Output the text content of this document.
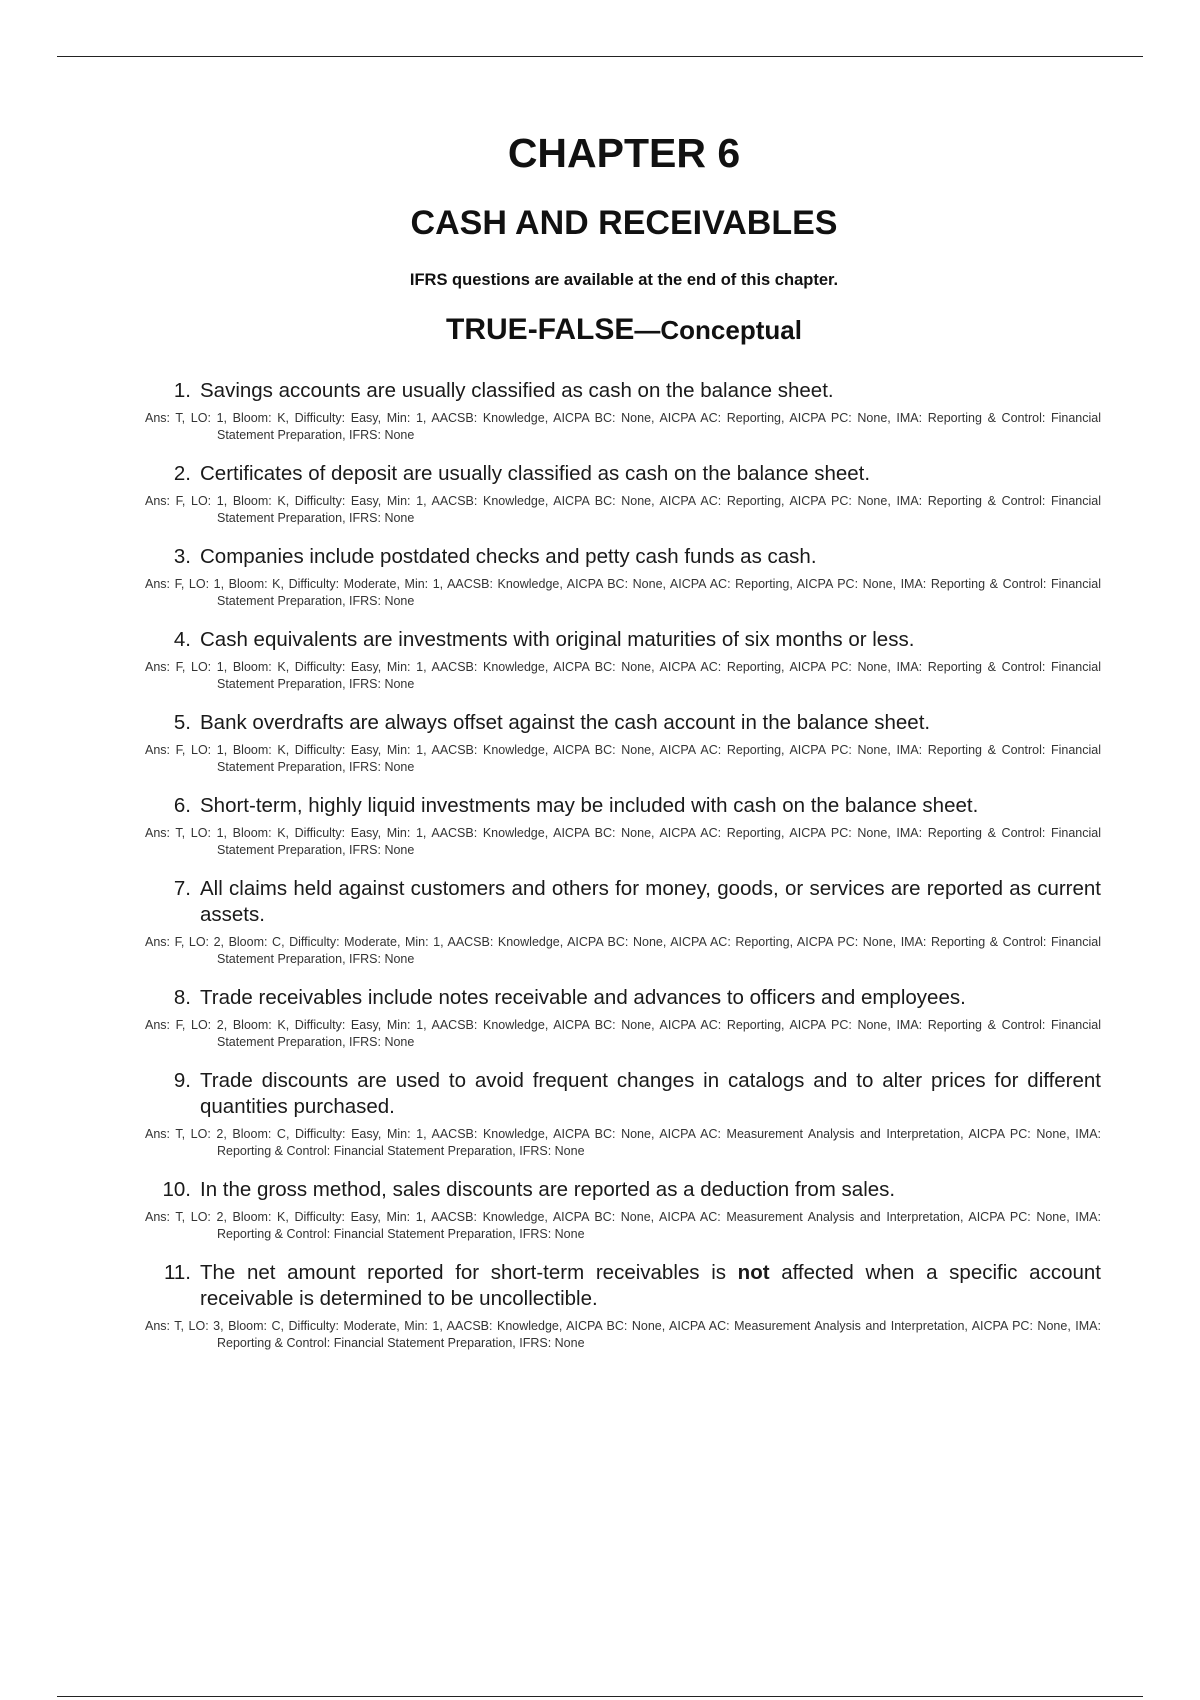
CHAPTER 6
CASH AND RECEIVABLES
IFRS questions are available at the end of this chapter.
TRUE-FALSE—Conceptual
1. Savings accounts are usually classified as cash on the balance sheet.
Ans: T, LO: 1, Bloom: K, Difficulty: Easy, Min: 1, AACSB: Knowledge, AICPA BC: None, AICPA AC: Reporting, AICPA PC: None, IMA: Reporting & Control: Financial Statement Preparation, IFRS: None
2. Certificates of deposit are usually classified as cash on the balance sheet.
Ans: F, LO: 1, Bloom: K, Difficulty: Easy, Min: 1, AACSB: Knowledge, AICPA BC: None, AICPA AC: Reporting, AICPA PC: None, IMA: Reporting & Control: Financial Statement Preparation, IFRS: None
3. Companies include postdated checks and petty cash funds as cash.
Ans: F, LO: 1, Bloom: K, Difficulty: Moderate, Min: 1, AACSB: Knowledge, AICPA BC: None, AICPA AC: Reporting, AICPA PC: None, IMA: Reporting & Control: Financial Statement Preparation, IFRS: None
4. Cash equivalents are investments with original maturities of six months or less.
Ans: F, LO: 1, Bloom: K, Difficulty: Easy, Min: 1, AACSB: Knowledge, AICPA BC: None, AICPA AC: Reporting, AICPA PC: None, IMA: Reporting & Control: Financial Statement Preparation, IFRS: None
5. Bank overdrafts are always offset against the cash account in the balance sheet.
Ans: F, LO: 1, Bloom: K, Difficulty: Easy, Min: 1, AACSB: Knowledge, AICPA BC: None, AICPA AC: Reporting, AICPA PC: None, IMA: Reporting & Control: Financial Statement Preparation, IFRS: None
6. Short-term, highly liquid investments may be included with cash on the balance sheet.
Ans: T, LO: 1, Bloom: K, Difficulty: Easy, Min: 1, AACSB: Knowledge, AICPA BC: None, AICPA AC: Reporting, AICPA PC: None, IMA: Reporting & Control: Financial Statement Preparation, IFRS: None
7. All claims held against customers and others for money, goods, or services are reported as current assets.
Ans: F, LO: 2, Bloom: C, Difficulty: Moderate, Min: 1, AACSB: Knowledge, AICPA BC: None, AICPA AC: Reporting, AICPA PC: None, IMA: Reporting & Control: Financial Statement Preparation, IFRS: None
8. Trade receivables include notes receivable and advances to officers and employees.
Ans: F, LO: 2, Bloom: K, Difficulty: Easy, Min: 1, AACSB: Knowledge, AICPA BC: None, AICPA AC: Reporting, AICPA PC: None, IMA: Reporting & Control: Financial Statement Preparation, IFRS: None
9. Trade discounts are used to avoid frequent changes in catalogs and to alter prices for different quantities purchased.
Ans: T, LO: 2, Bloom: C, Difficulty: Easy, Min: 1, AACSB: Knowledge, AICPA BC: None, AICPA AC: Measurement Analysis and Interpretation, AICPA PC: None, IMA: Reporting & Control: Financial Statement Preparation, IFRS: None
10. In the gross method, sales discounts are reported as a deduction from sales.
Ans: T, LO: 2, Bloom: K, Difficulty: Easy, Min: 1, AACSB: Knowledge, AICPA BC: None, AICPA AC: Measurement Analysis and Interpretation, AICPA PC: None, IMA: Reporting & Control: Financial Statement Preparation, IFRS: None
11. The net amount reported for short-term receivables is not affected when a specific account receivable is determined to be uncollectible.
Ans: T, LO: 3, Bloom: C, Difficulty: Moderate, Min: 1, AACSB: Knowledge, AICPA BC: None, AICPA AC: Measurement Analysis and Interpretation, AICPA PC: None, IMA: Reporting & Control: Financial Statement Preparation, IFRS: None
